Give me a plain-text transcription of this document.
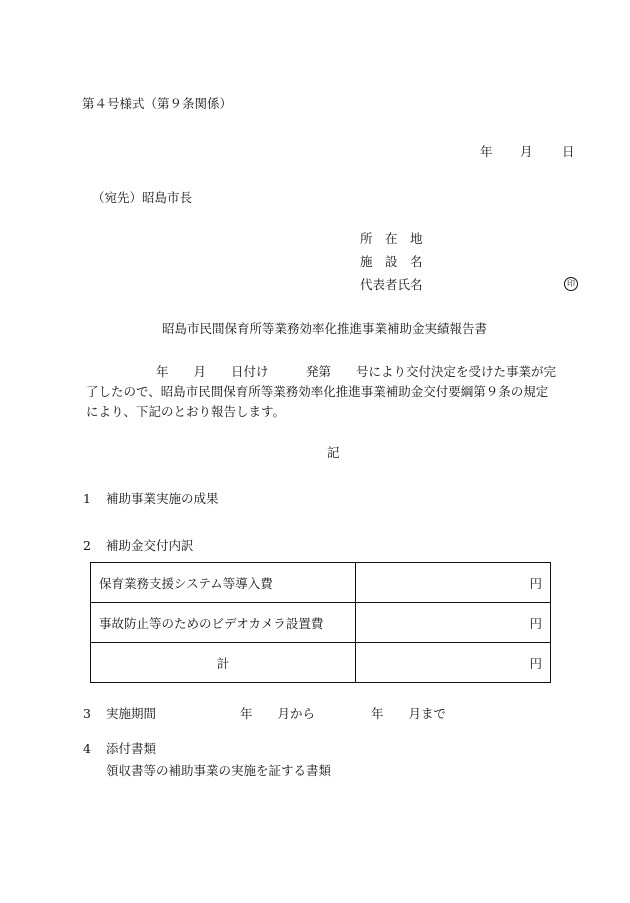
第４号様式（第９条関係）
年 月 日
（宛先）昭島市長
所　在　地
施　設　名
代表者氏名	印
昭島市民間保育所等業務効率化推進事業補助金実績報告書
年　　月　　日付け　　　発第　　号により交付決定を受けた事業が完
了したので、昭島市民間保育所等業務効率化推進事業補助金交付要綱第９条の規定
により、下記のとおり報告します。
記
1 補助事業実施の成果
2 補助金交付内訳
保育業務支援システム等導入費	円
事故防止等のためのビデオカメラ設置費	円
計	円
3 実施期間	年　　月から	年　　月まで
4 添付書類
領収書等の補助事業の実施を証する書類
